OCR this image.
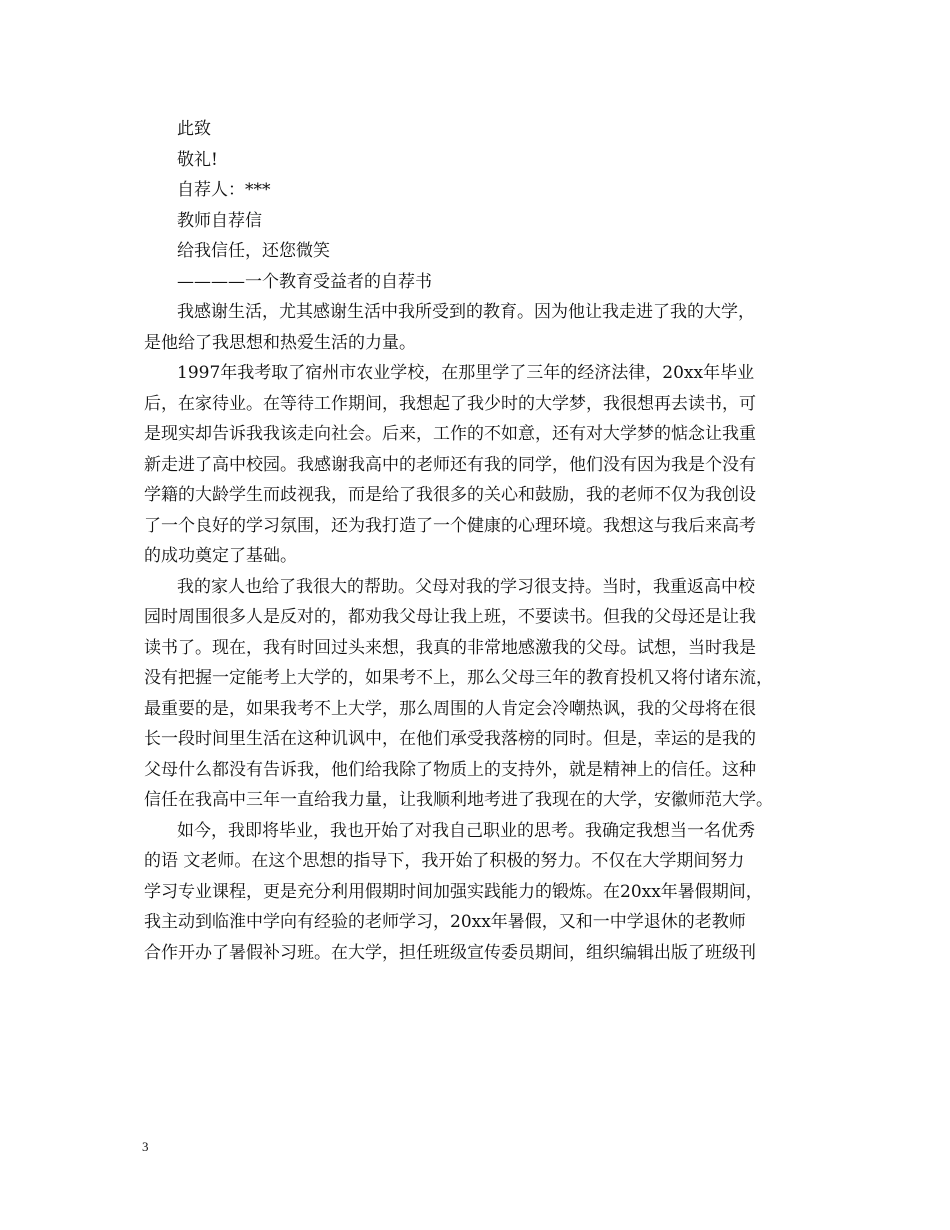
此致
敬礼!
自荐人：***
教师自荐信
给我信任，还您微笑
————一个教育受益者的自荐书
我感谢生活，尤其感谢生活中我所受到的教育。因为他让我走进了我的大学，
是他给了我思想和热爱生活的力量。
1997年我考取了宿州市农业学校，在那里学了三年的经济法律，20xx年毕业
后，在家待业。在等待工作期间，我想起了我少时的大学梦，我很想再去读书，可
是现实却告诉我我该走向社会。后来，工作的不如意，还有对大学梦的惦念让我重
新走进了高中校园。我感谢我高中的老师还有我的同学，他们没有因为我是个没有
学籍的大龄学生而歧视我，而是给了我很多的关心和鼓励，我的老师不仅为我创设
了一个良好的学习氛围，还为我打造了一个健康的心理环境。我想这与我后来高考
的成功奠定了基础。
我的家人也给了我很大的帮助。父母对我的学习很支持。当时，我重返高中校
园时周围很多人是反对的，都劝我父母让我上班，不要读书。但我的父母还是让我
读书了。现在，我有时回过头来想，我真的非常地感激我的父母。试想，当时我是
没有把握一定能考上大学的，如果考不上，那么父母三年的教育投机又将付诸东流，
最重要的是，如果我考不上大学，那么周围的人肯定会冷嘲热讽，我的父母将在很
长一段时间里生活在这种讥讽中，在他们承受我落榜的同时。但是，幸运的是我的
父母什么都没有告诉我，他们给我除了物质上的支持外，就是精神上的信任。这种
信任在我高中三年一直给我力量，让我顺利地考进了我现在的大学，安徽师范大学。
如今，我即将毕业，我也开始了对我自己职业的思考。我确定我想当一名优秀
的语 文老师。在这个思想的指导下，我开始了积极的努力。不仅在大学期间努力
学习专业课程，更是充分利用假期时间加强实践能力的锻炼。在20xx年暑假期间，
我主动到临淮中学向有经验的老师学习，20xx年暑假，又和一中学退休的老教师
合作开办了暑假补习班。在大学，担任班级宣传委员期间，组织编辑出版了班级刊
3
